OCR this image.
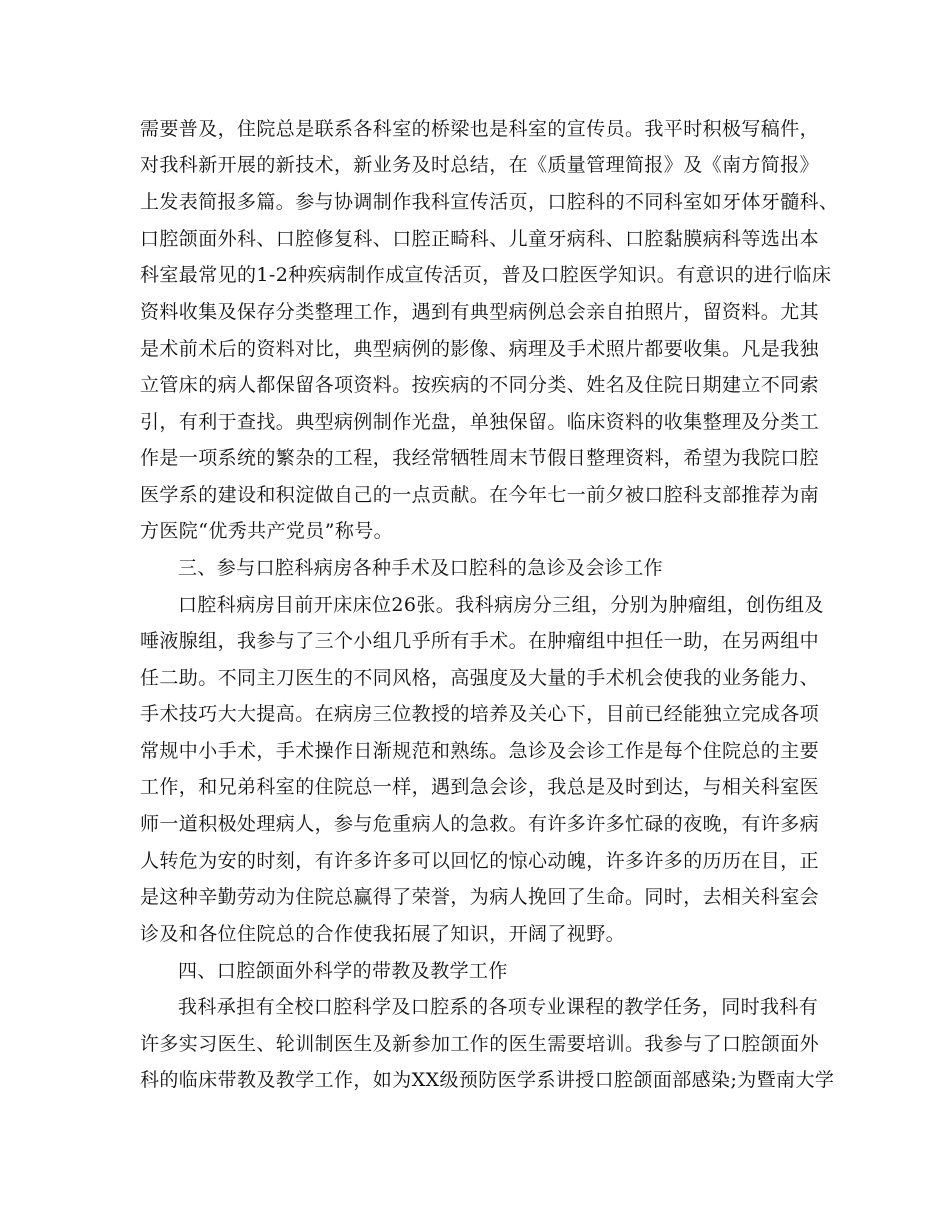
需要普及，住院总是联系各科室的桥梁也是科室的宣传员。我平时积极写稿件，
对我科新开展的新技术，新业务及时总结，在《质量管理简报》及《南方简报》
上发表简报多篇。参与协调制作我科宣传活页，口腔科的不同科室如牙体牙髓科、
口腔颌面外科、口腔修复科、口腔正畸科、儿童牙病科、口腔黏膜病科等选出本
科室最常见的1-2种疾病制作成宣传活页，普及口腔医学知识。有意识的进行临床
资料收集及保存分类整理工作，遇到有典型病例总会亲自拍照片，留资料。尤其
是术前术后的资料对比，典型病例的影像、病理及手术照片都要收集。凡是我独
立管床的病人都保留各项资料。按疾病的不同分类、姓名及住院日期建立不同索
引，有利于查找。典型病例制作光盘，单独保留。临床资料的收集整理及分类工
作是一项系统的繁杂的工程，我经常牺牲周末节假日整理资料，希望为我院口腔
医学系的建设和积淀做自己的一点贡献。在今年七一前夕被口腔科支部推荐为南
方医院“优秀共产党员”称号。
三、参与口腔科病房各种手术及口腔科的急诊及会诊工作
口腔科病房目前开床床位26张。我科病房分三组，分别为肿瘤组，创伤组及
唾液腺组，我参与了三个小组几乎所有手术。在肿瘤组中担任一助，在另两组中
任二助。不同主刀医生的不同风格，高强度及大量的手术机会使我的业务能力、
手术技巧大大提高。在病房三位教授的培养及关心下，目前已经能独立完成各项
常规中小手术，手术操作日渐规范和熟练。急诊及会诊工作是每个住院总的主要
工作，和兄弟科室的住院总一样，遇到急会诊，我总是及时到达，与相关科室医
师一道积极处理病人，参与危重病人的急救。有许多许多忙碌的夜晚，有许多病
人转危为安的时刻，有许多许多可以回忆的惊心动魄，许多许多的历历在目，正
是这种辛勤劳动为住院总赢得了荣誉，为病人挽回了生命。同时，去相关科室会
诊及和各位住院总的合作使我拓展了知识，开阔了视野。
四、口腔颌面外科学的带教及教学工作
我科承担有全校口腔科学及口腔系的各项专业课程的教学任务，同时我科有
许多实习医生、轮训制医生及新参加工作的医生需要培训。我参与了口腔颌面外
科的临床带教及教学工作，如为XX级预防医学系讲授口腔颌面部感染;为暨南大学
